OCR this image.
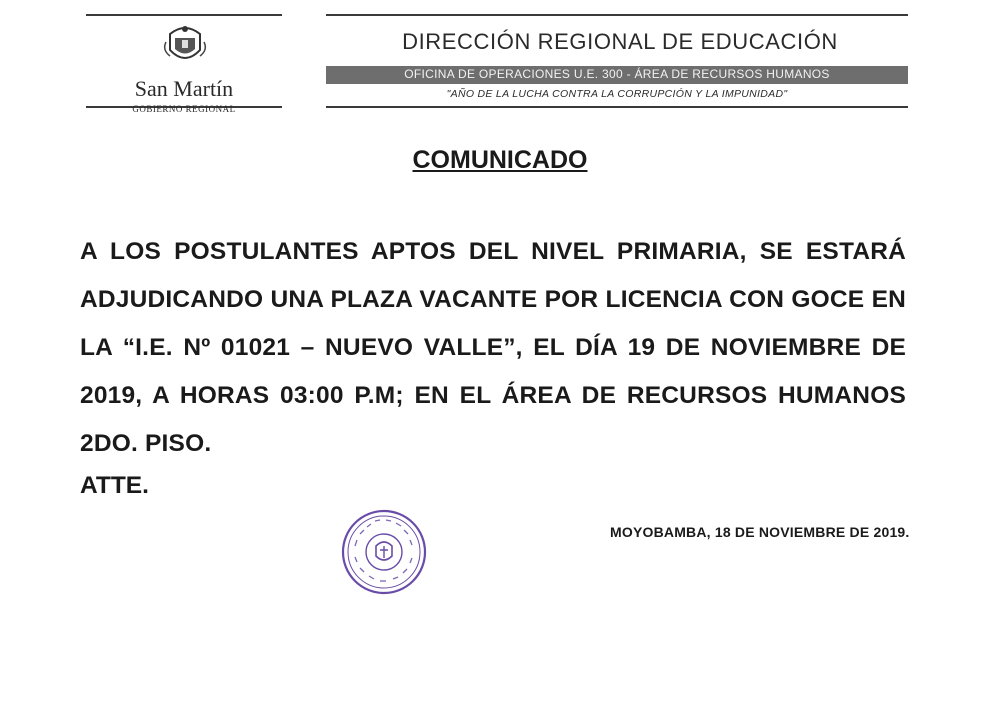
San Martín
GOBIERNO REGIONAL
DIRECCIÓN REGIONAL DE EDUCACIÓN
OFICINA DE OPERACIONES U.E. 300 - ÁREA DE RECURSOS HUMANOS
"AÑO DE LA LUCHA CONTRA LA CORRUPCIÓN Y LA IMPUNIDAD"
COMUNICADO
A LOS POSTULANTES APTOS DEL NIVEL PRIMARIA, SE ESTARÁ ADJUDICANDO UNA PLAZA VACANTE POR LICENCIA CON GOCE EN LA “I.E. Nº 01021 – NUEVO VALLE”, EL DÍA 19 DE NOVIEMBRE DE 2019, A HORAS 03:00 P.M; EN EL ÁREA DE RECURSOS HUMANOS 2DO. PISO.
ATTE.
MOYOBAMBA, 18 DE NOVIEMBRE DE 2019.
